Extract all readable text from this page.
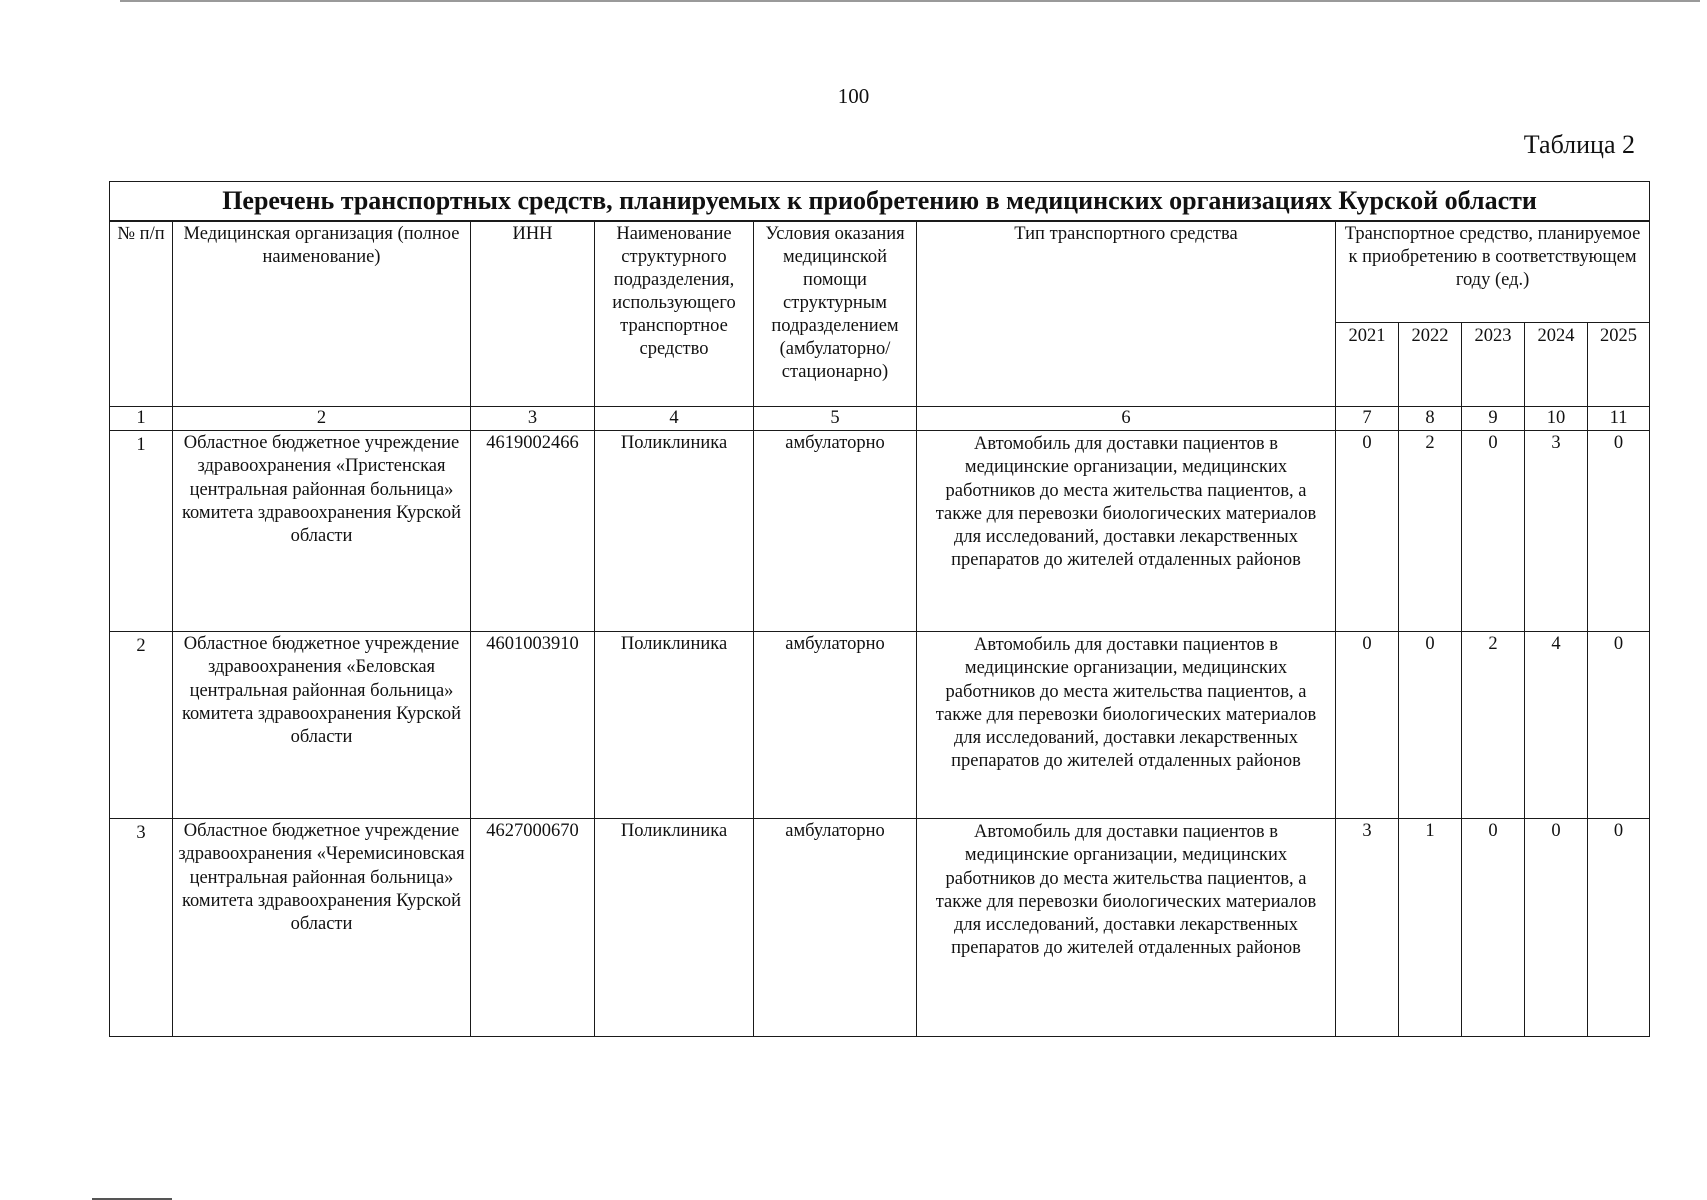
100
Таблица 2
Перечень транспортных средств, планируемых к приобретению в медицинских организациях Курской области										
№ п/п	Медицинская организация (полное наименование)	ИНН	Наименование структурного подразделения, использующего транспортное средство	Условия оказания медицинской помощи структурным подразделением (амбулаторно/ стационарно)	Тип транспортного средства	Транспортное средство, планируемое к приобретению в соответствующем году (ед.)				
						2021	2022	2023	2024	2025
1	2	3	4	5	6	7	8	9	10	11
1	Областное бюджетное учреждение здравоохранения «Пристенская центральная районная больница» комитета здравоохранения Курской области	4619002466	Поликлиника	амбулаторно	Автомобиль для доставки пациентов в медицинские организации, медицинских работников до места жительства пациентов, а также для перевозки биологических материалов для исследований, доставки лекарственных препаратов до жителей отдаленных районов	0	2	0	3	0
2	Областное бюджетное учреждение здравоохранения «Беловская центральная районная больница» комитета здравоохранения Курской области	4601003910	Поликлиника	амбулаторно	Автомобиль для доставки пациентов в медицинские организации, медицинских работников до места жительства пациентов, а также для перевозки биологических материалов для исследований, доставки лекарственных препаратов до жителей отдаленных районов	0	0	2	4	0
3	Областное бюджетное учреждение здравоохранения «Черемисиновская центральная районная больница» комитета здравоохранения Курской области	4627000670	Поликлиника	амбулаторно	Автомобиль для доставки пациентов в медицинские организации, медицинских работников до места жительства пациентов, а также для перевозки биологических материалов для исследований, доставки лекарственных препаратов до жителей отдаленных районов	3	1	0	0	0
